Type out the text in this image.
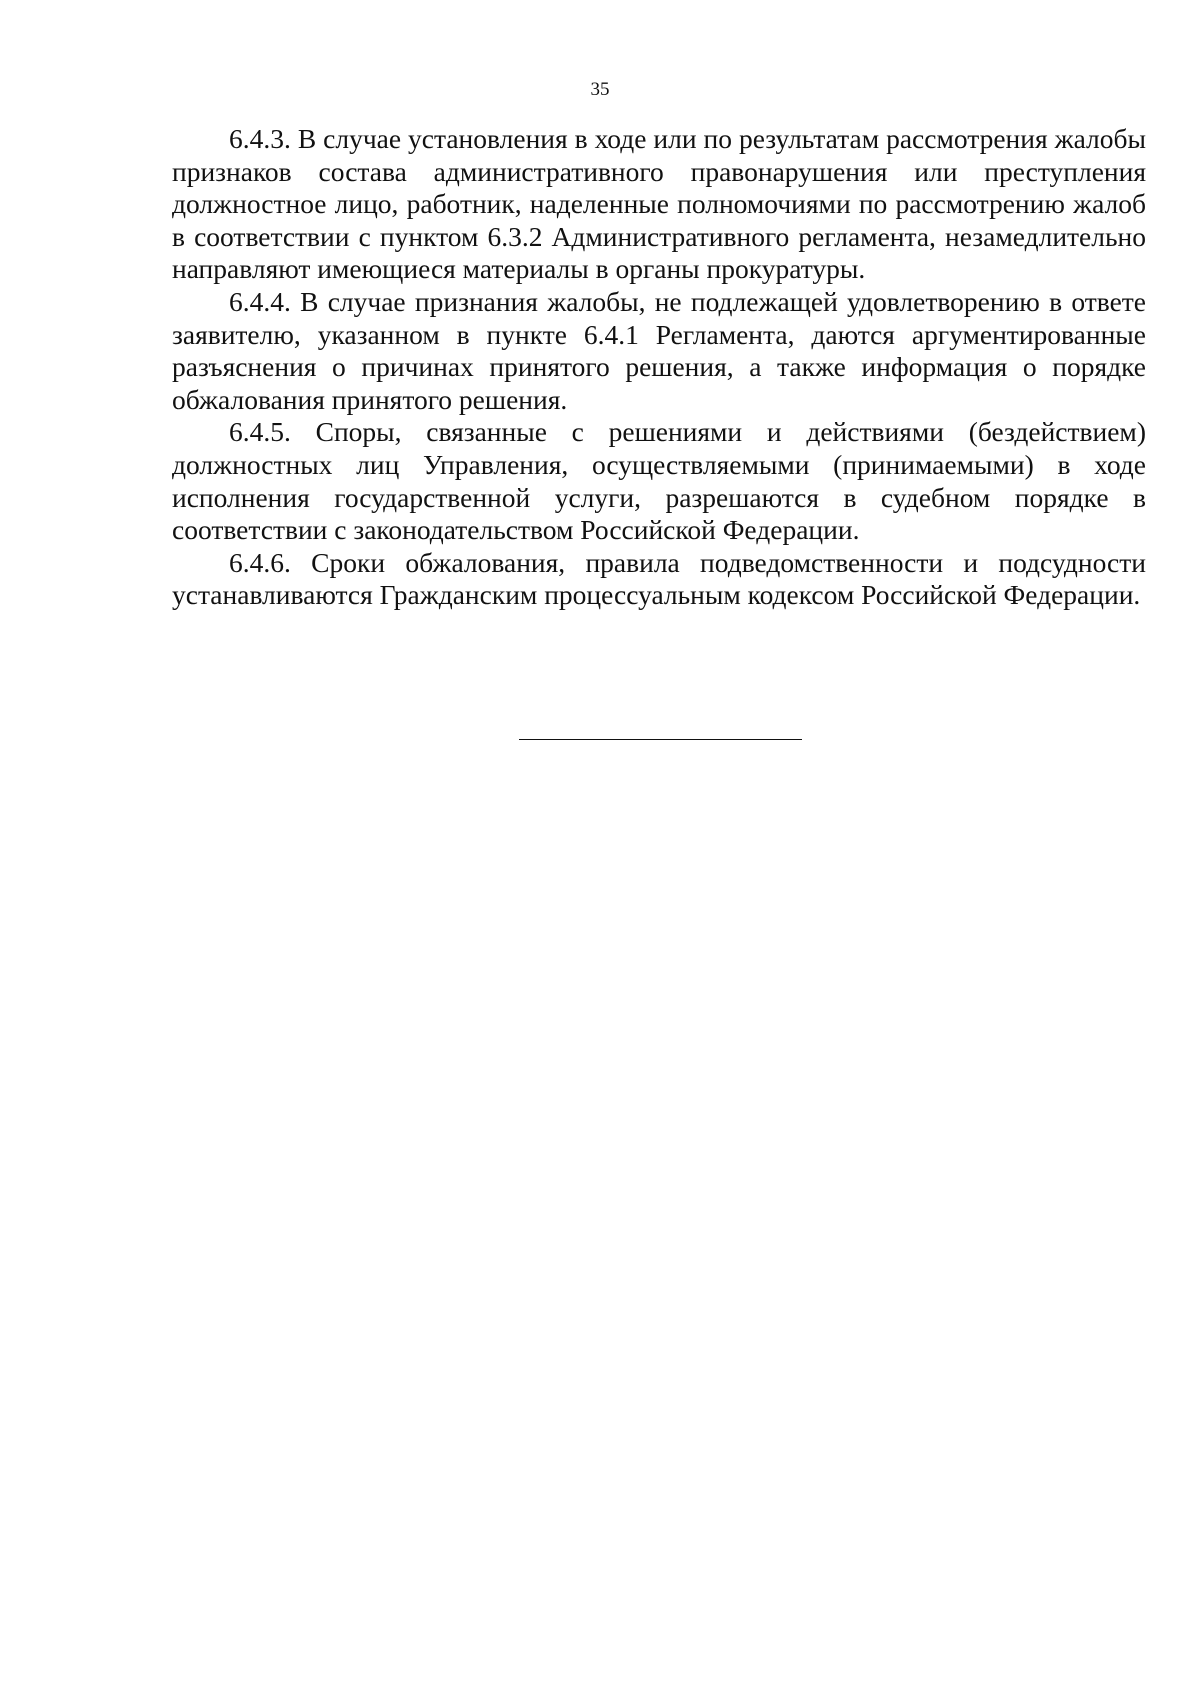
35

6.4.3. В случае установления в ходе или по результатам рассмотрения жалобы признаков состава административного правонарушения или преступления должностное лицо, работник, наделенные полномочиями по рассмотрению жалоб в соответствии с пунктом 6.3.2 Административного регламента, незамедлительно направляют имеющиеся материалы в органы прокуратуры.

6.4.4. В случае признания жалобы, не подлежащей удовлетворению в ответе заявителю, указанном в пункте 6.4.1 Регламента, даются аргументированные разъяснения о причинах принятого решения, а также информация о порядке обжалования принятого решения.

6.4.5. Споры, связанные с решениями и действиями (бездействием) должностных лиц Управления, осуществляемыми (принимаемыми) в ходе исполнения государственной услуги, разрешаются в судебном порядке в соответствии с законодательством Российской Федерации.

6.4.6. Сроки обжалования, правила подведомственности и подсудности устанавливаются Гражданским процессуальным кодексом Российской Федерации.
